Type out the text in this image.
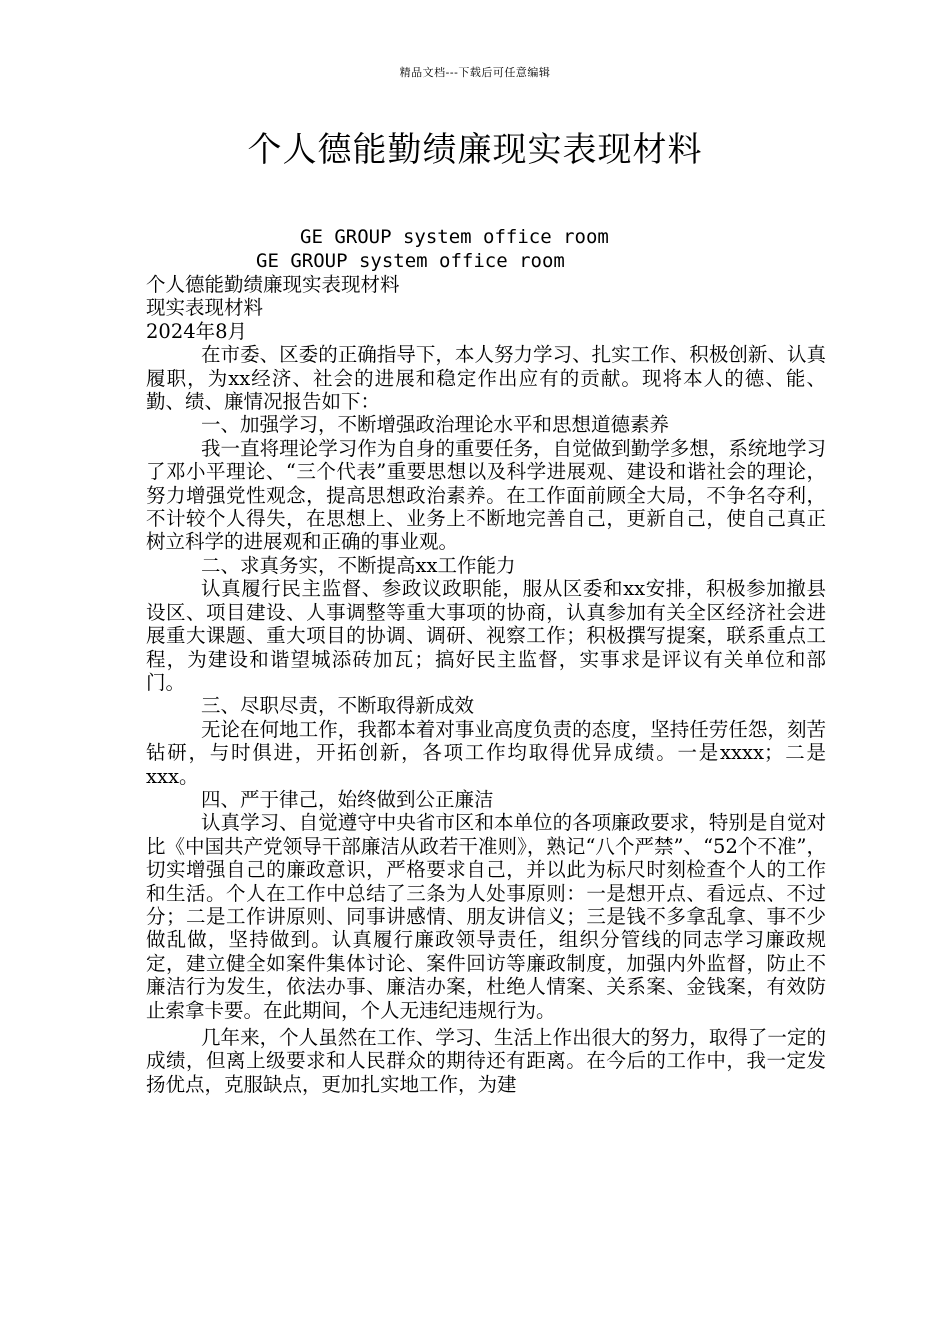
精品文档---下载后可任意编辑
个人德能勤绩廉现实表现材料
GE GROUP system office room
GE GROUP system office room

个人德能勤绩廉现实表现材料

现实表现材料

2024年8月

在市委、区委的正确指导下，本人努力学习、扎实工作、积极创新、认真履职，为xx经济、社会的进展和稳定作出应有的贡献。现将本人的德、能、勤、绩、廉情况报告如下：

一、加强学习，不断增强政治理论水平和思想道德素养

我一直将理论学习作为自身的重要任务，自觉做到勤学多想，系统地学习了邓小平理论、“三个代表”重要思想以及科学进展观、建设和谐社会的理论，努力增强党性观念，提高思想政治素养。在工作面前顾全大局，不争名夺利，不计较个人得失，在思想上、业务上不断地完善自己，更新自己，使自己真正树立科学的进展观和正确的事业观。

二、求真务实，不断提高xx工作能力

认真履行民主监督、参政议政职能，服从区委和xx安排，积极参加撤县设区、项目建设、人事调整等重大事项的协商，认真参加有关全区经济社会进展重大课题、重大项目的协调、调研、视察工作；积极撰写提案，联系重点工程，为建设和谐望城添砖加瓦；搞好民主监督，实事求是评议有关单位和部门。

三、尽职尽责，不断取得新成效

无论在何地工作，我都本着对事业高度负责的态度，坚持任劳任怨，刻苦钻研，与时俱进，开拓创新，各项工作均取得优异成绩。一是xxxx；二是xxx。

四、严于律己，始终做到公正廉洁

认真学习、自觉遵守中央省市区和本单位的各项廉政要求，特别是自觉对比《中国共产党领导干部廉洁从政若干准则》，熟记“八个严禁”、“52个不准”，切实增强自己的廉政意识，严格要求自己，并以此为标尺时刻检查个人的工作和生活。个人在工作中总结了三条为人处事原则：一是想开点、看远点、不过分；二是工作讲原则、同事讲感情、朋友讲信义；三是钱不多拿乱拿、事不少做乱做，坚持做到。认真履行廉政领导责任，组织分管线的同志学习廉政规定，建立健全如案件集体讨论、案件回访等廉政制度，加强内外监督，防止不廉洁行为发生，依法办事、廉洁办案，杜绝人情案、关系案、金钱案，有效防止索拿卡要。在此期间，个人无违纪违规行为。

几年来，个人虽然在工作、学习、生活上作出很大的努力，取得了一定的成绩，但离上级要求和人民群众的期待还有距离。在今后的工作中，我一定发扬优点，克服缺点，更加扎实地工作，为建
